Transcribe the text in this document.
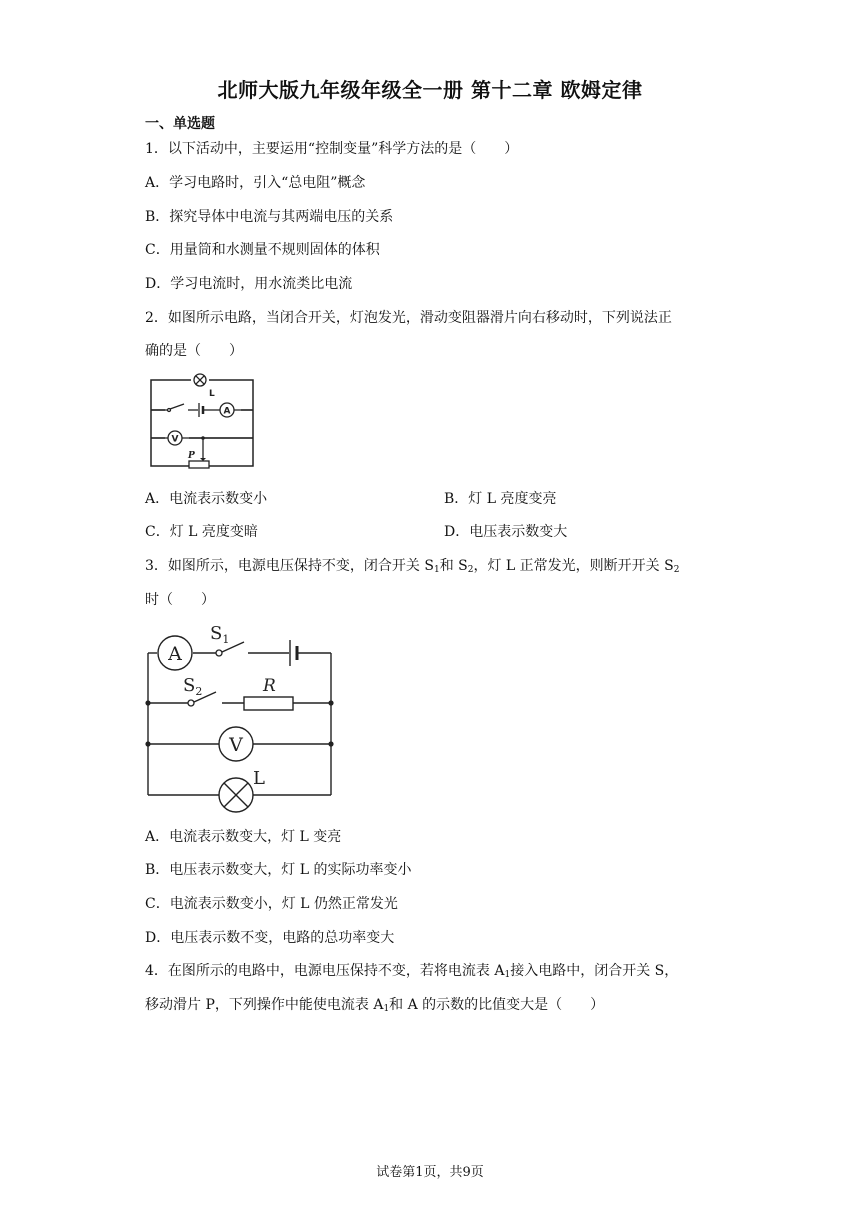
北师大版九年级年级全一册 第十二章 欧姆定律
一、单选题
1．以下活动中，主要运用“控制变量”科学方法的是（　　）
A．学习电路时，引入“总电阻”概念
B．探究导体中电流与其两端电压的关系
C．用量筒和水测量不规则固体的体积
D．学习电流时，用水流类比电流
2．如图所示电路，当闭合开关，灯泡发光，滑动变阻器滑片向右移动时，下列说法正
确的是（　　）
L
A
V
P
A．电流表示数变小	B．灯 L 亮度变亮
C．灯 L 亮度变暗	D．电压表示数变大
3．如图所示，电源电压保持不变，闭合开关 $S_1$和 $S_2$，灯 L 正常发光，则断开开关 $S_2$
时（　　）
A
$S_1$
$S_2$	R
V
L
A．电流表示数变大，灯 L 变亮
B．电压表示数变大，灯 L 的实际功率变小
C．电流表示数变小，灯 L 仍然正常发光
D．电压表示数不变，电路的总功率变大
4．在图所示的电路中，电源电压保持不变，若将电流表 $A_1$接入电路中，闭合开关 S，
移动滑片 P，下列操作中能使电流表 $A_1$和 A 的示数的比值变大是（　　）
试卷第1页，共9页
